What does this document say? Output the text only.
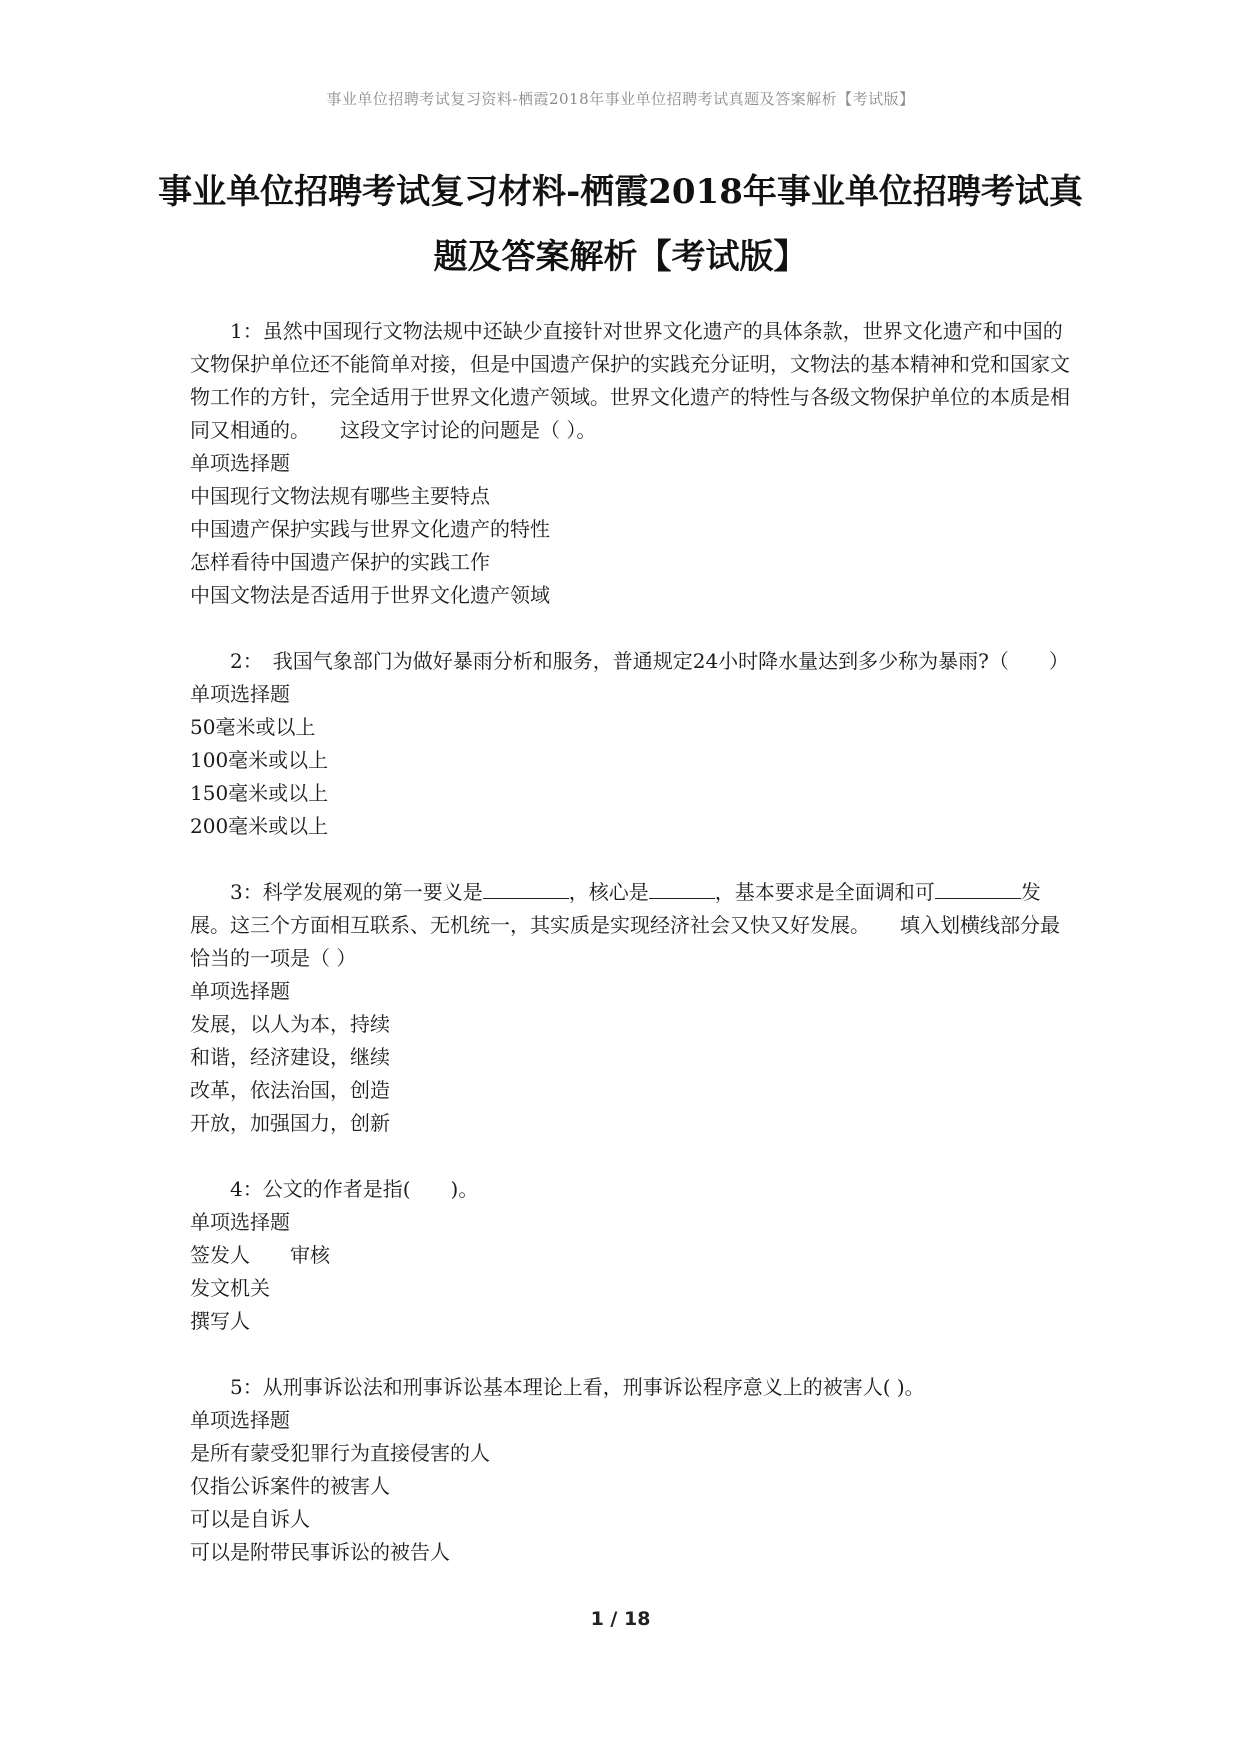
事业单位招聘考试复习资料-栖霞2018年事业单位招聘考试真题及答案解析【考试版】
事业单位招聘考试复习材料-栖霞2018年事业单位招聘考试真题及答案解析【考试版】
1：虽然中国现行文物法规中还缺少直接针对世界文化遗产的具体条款，世界文化遗产和中国的文物保护单位还不能简单对接，但是中国遗产保护的实践充分证明，文物法的基本精神和党和国家文物工作的方针，完全适用于世界文化遗产领域。世界文化遗产的特性与各级文物保护单位的本质是相同又相通的。　　这段文字讨论的问题是（ ）。
单项选择题
中国现行文物法规有哪些主要特点
中国遗产保护实践与世界文化遗产的特性
怎样看待中国遗产保护的实践工作
中国文物法是否适用于世界文化遗产领域
2：　我国气象部门为做好暴雨分析和服务，普通规定24小时降水量达到多少称为暴雨?（　　）
单项选择题
50毫米或以上
100毫米或以上
150毫米或以上
200毫米或以上
3：科学发展观的第一要义是	，核心是	，基本要求是全面调和可	发展。这三个方面相互联系、无机统一，其实质是实现经济社会又快又好发展。　　填入划横线部分最恰当的一项是（ ）
单项选择题
发展，以人为本，持续
和谐，经济建设，继续
改革，依法治国，创造
开放，加强国力，创新
4：公文的作者是指(　　)。
单项选择题
签发人　　审核
发文机关
撰写人
5：从刑事诉讼法和刑事诉讼基本理论上看，刑事诉讼程序意义上的被害人( )。
单项选择题
是所有蒙受犯罪行为直接侵害的人
仅指公诉案件的被害人
可以是自诉人
可以是附带民事诉讼的被告人
1 / 18
